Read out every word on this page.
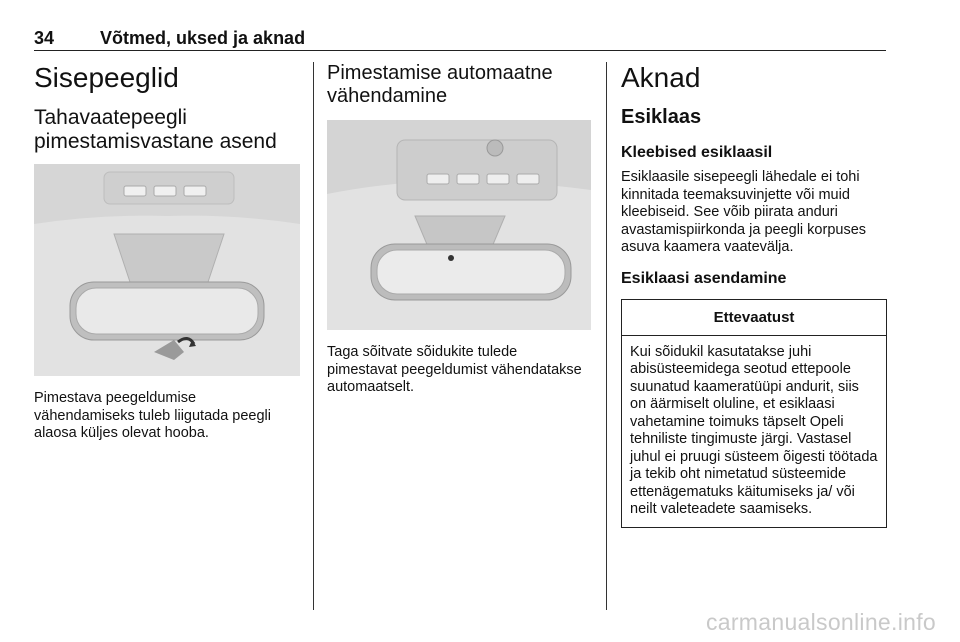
34	Võtmed, uksed ja aknad
Sisepeeglid
Tahavaatepeegli pimestamisvastane asend

Pimestava peegeldumise vähendamiseks tuleb liigutada peegli alaosa küljes olevat hooba.

Pimestamise automaatne vähendamine

Taga sõitvate sõidukite tulede pimestavat peegeldumist vähendatakse automaatselt.

Aknad
Esiklaas
Kleebised esiklaasil

Esiklaasile sisepeegli lähedale ei tohi kinnitada teemaksuvinjette või muid kleebiseid. See võib piirata anduri avastamispiirkonda ja peegli korpuses asuva kaamera vaatevälja.

Esiklaasi asendamine
Ettevaatust
Kui sõidukil kasutatakse juhi abisüsteemidega seotud ettepoole suunatud kaameratüüpi andurit, siis on äärmiselt oluline, et esiklaasi vahetamine toimuks täpselt Opeli tehniliste tingimuste järgi. Vastasel juhul ei pruugi süsteem õigesti töötada ja tekib oht nimetatud süsteemide ettenägematuks käitumiseks ja/ või neilt valeteadete saamiseks.
carmanualsonline.info
